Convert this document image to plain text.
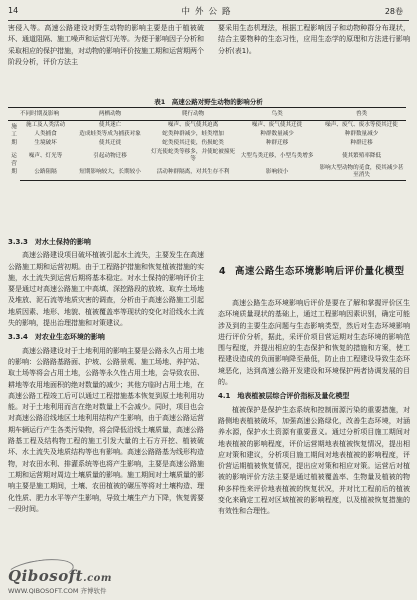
14	中外公路	28卷

害侵入等。高速公路建设对野生动物的影响主要是由于植被破坏、通道阻隔、施工噪声和运营灯光等。为便于影响因子分析和采取相应的保护措施，对动物的影响评价按施工期和运营期两个阶段分析，评价方法主

要采用生态机理法，根据工程影响因子和动物种群分布现状，结合主要物种的生态习性，应用生态学的原理和方法进行影响分析(表1)。

表1　高速公路对野生动物的影响分析
不同时期及影响		两栖动物	爬行动物	鸟类	兽类
施工期	施工及人类活动	使其迷亡	噪声、废气使其迫离	噪声、废气使其迁徙	噪声、废气、废水等使其迁徙
	人类捕食	造成蛙类等成为捕获对象	蛇类种群减少，蛙类增加	种群数量减少	种群数量减少
	生境破坏	使其迁徙	蛇类使其迁徙，伤损蛇类	种群迁移	种群迁移
运营期	噪声、灯光等	引起动物迁移	灯光使蛇类等移多，并使蛇被撞死等	大型鸟类迁移，小型鸟类增多	使其繁殖率降低
	公路阻隔	短期影响较大，长期较小	活动种群隔离，对其生存不利	影响较小	影响大型动物的觅食，使其减少甚至消失
3.3.3　对水土保持的影响

高速公路建设项目破坏植被引起水土流失，主要发生在高速公路施工期和运营初期。由于工程路护措施和恢复植被措施的实施，水土流失到运营后期将基本稳定。对水土保持的影响评价主要是通过对高速公路施工中高填、深挖路段的放坡、取弃土场地及堆放、泥石流等地质灾害的调查，分析由于高速公路施工引起地质因素、地形、地貌、植被覆盖率等现状的变化对沿线水土流失的影响，提出治理措施和对策建议。

3.3.4　对农业生态环境的影响

高速公路建设对于土地利用的影响主要是公路永久占用土地的影响：公路路基路面、护坡、公路景观、施工场地、养护站、取土场等将会占用土地，公路等永久性占用土地，会导致农田、耕地等农用地面积的绝对数量的减少；其他方临时占用土地，在高速公路工程竣工后可以通过工程措施基本恢复到原土地利用功能。对于土地利用而言在绝对数量上不会减少。同时，项目也会对高速公路沿线地区土地利用结构产生影响，由于高速公路运营期车辆运行产生各类污染物，将会降低沿线土壤质量，高速公路路基工程及结构物工程的施工引发大量的土石方开挖、植被破坏、水土流失及地质结构等也有影响。高速公路路基为线形构造物，对农田水利、排灌系统等也将产生影响，主要是高速公路施工期和运营期对周边土壤质量的影响。施工期间对土壤质量的影响主要是施工期间，土壤、农田植被的碾压等将对土壤构造、理化性质、肥力水平等产生影响，导致土壤生产力下降，恢复需要一段时间。

4 高速公路生态环境影响后评价量化模型

高速公路生态环境影响后评价是要在了解和掌握评价区生态环境质量现状的基础上，通过工程影响因素识别，确定可能涉及到的主要生态问题与生态影响类型，然后对生态环境影响进行评价分析，据此，采评价项目营运期对生态环境的影响范围与程度，并提出相应的生态保护和恢复的措施和方案，使工程建设造成的负面影响降至最低，防止由工程建设导致生态环境恶化，达到高速公路开发建设和环境保护两者协调发展的目的。

4.1　地表植被层综合评价指标及量化模型

植被保护是保护生态系统和控制面源污染的重要措施，对路侧地表植被破坏，加强高速公路绿化，改善生态环境，对涵养水源，保护水土资源有重要意义。通过分析项目施工期间对地表植被的影响程度，评价运营期地表植被恢复情况，提出相应对策和建议，分析项目施工期间对地表植被的影响程度，评价营运期植被恢复情况，提出应对策和相应对策。运营后对植被的影响评价方法主要是通过植被覆盖率、生物量及植被的物种多样性来评价地表植被的恢复状况，并对比工程前后的植被变化来确定工程对区域植被的影响程度，以及植被恢复措施的有效性和合理性。

Qibosoft.com
WWW.QIBOSOFT.COM 齐博软件
